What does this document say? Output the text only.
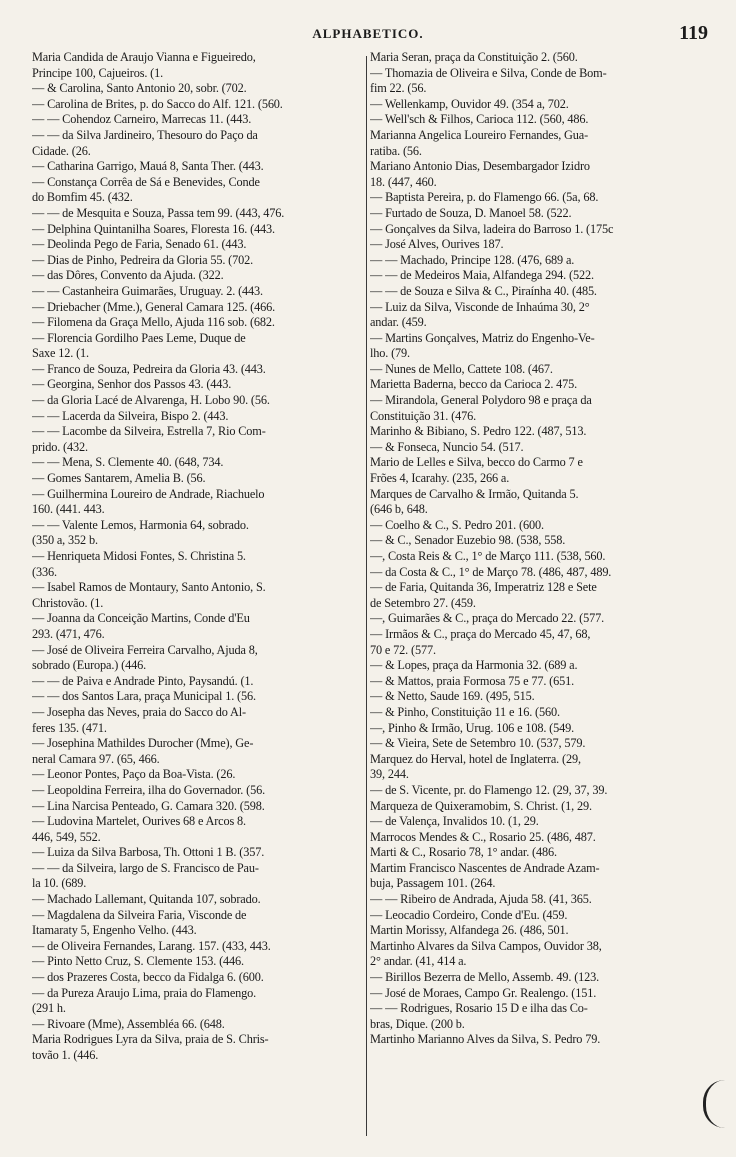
ALPHABETICO.	119
Maria Candida de Araujo Vianna e Figueiredo,
Principe 100, Cajueiros. (1.
— & Carolina, Santo Antonio 20, sobr. (702.
— Carolina de Brites, p. do Sacco do Alf. 121. (560.
— — Cohendoz Carneiro, Marrecas 11. (443.
— — da Silva Jardineiro, Thesouro do Paço da
Cidade. (26.
— Catharina Garrigo, Mauá 8, Santa Ther. (443.
— Constança Corrêa de Sá e Benevides, Conde
do Bomfim 45. (432.
— — de Mesquita e Souza, Passa tem 99. (443, 476.
— Delphina Quintanilha Soares, Floresta 16. (443.
— Deolinda Pego de Faria, Senado 61. (443.
— Dias de Pinho, Pedreira da Gloria 55. (702.
— das Dôres, Convento da Ajuda. (322.
— — Castanheira Guimarães, Uruguay. 2. (443.
— Driebacher (Mme.), General Camara 125. (466.
— Filomena da Graça Mello, Ajuda 116 sob. (682.
— Florencia Gordilho Paes Leme, Duque de
Saxe 12. (1.
— Franco de Souza, Pedreira da Gloria 43. (443.
— Georgina, Senhor dos Passos 43. (443.
— da Gloria Lacé de Alvarenga, H. Lobo 90. (56.
— — Lacerda da Silveira, Bispo 2. (443.
— — Lacombe da Silveira, Estrella 7, Rio Com-
prido. (432.
— — Mena, S. Clemente 40. (648, 734.
— Gomes Santarem, Amelia B. (56.
— Guilhermina Loureiro de Andrade, Riachuelo
160. (441. 443.
— — Valente Lemos, Harmonia 64, sobrado.
(350 a, 352 b.
— Henriqueta Midosi Fontes, S. Christina 5.
(336.
— Isabel Ramos de Montaury, Santo Antonio, S.
Christovão. (1.
— Joanna da Conceição Martins, Conde d'Eu
293. (471, 476.
— José de Oliveira Ferreira Carvalho, Ajuda 8,
sobrado (Europa.) (446.
— — de Paiva e Andrade Pinto, Paysandú. (1.
— — dos Santos Lara, praça Municipal 1. (56.
— Josepha das Neves, praia do Sacco do Al-
feres 135. (471.
— Josephina Mathildes Durocher (Mme), Ge-
neral Camara 97. (65, 466.
— Leonor Pontes, Paço da Boa-Vista. (26.
— Leopoldina Ferreira, ilha do Governador. (56.
— Lina Narcisa Penteado, G. Camara 320. (598.
— Ludovina Martelet, Ourives 68 e Arcos 8.
446, 549, 552.
— Luiza da Silva Barbosa, Th. Ottoni 1 B. (357.
— — da Silveira, largo de S. Francisco de Pau-
la 10. (689.
— Machado Lallemant, Quitanda 107, sobrado.
— Magdalena da Silveira Faria, Visconde de
Itamaraty 5, Engenho Velho. (443.
— de Oliveira Fernandes, Larang. 157. (433, 443.
— Pinto Netto Cruz, S. Clemente 153. (446.
— dos Prazeres Costa, becco da Fidalga 6. (600.
— da Pureza Araujo Lima, praia do Flamengo.
(291 h.
— Rivoare (Mme), Assembléa 66. (648.
Maria Rodrigues Lyra da Silva, praia de S. Chris-
tovão 1. (446.
Maria Seran, praça da Constituição 2. (560.
— Thomazia de Oliveira e Silva, Conde de Bom-
fim 22. (56.
— Wellenkamp, Ouvidor 49. (354 a, 702.
— Well'sch & Filhos, Carioca 112. (560, 486.
Marianna Angelica Loureiro Fernandes, Gua-
ratiba. (56.
Mariano Antonio Dias, Desembargador Izidro
18. (447, 460.
— Baptista Pereira, p. do Flamengo 66. (5a, 68.
— Furtado de Souza, D. Manoel 58. (522.
— Gonçalves da Silva, ladeira do Barroso 1. (175c
— José Alves, Ourives 187.
— — Machado, Principe 128. (476, 689 a.
— — de Medeiros Maia, Alfandega 294. (522.
— — de Souza e Silva & C., Piraínha 40. (485.
— Luiz da Silva, Visconde de Inhaúma 30, 2°
andar. (459.
— Martins Gonçalves, Matriz do Engenho-Ve-
lho. (79.
— Nunes de Mello, Cattete 108. (467.
Marietta Baderna, becco da Carioca 2. 475.
— Mirandola, General Polydoro 98 e praça da
Constituição 31. (476.
Marinho & Bibiano, S. Pedro 122. (487, 513.
— & Fonseca, Nuncio 54. (517.
Mario de Lelles e Silva, becco do Carmo 7 e
Frões 4, Icarahy. (235, 266 a.
Marques de Carvalho & Irmão, Quitanda 5.
(646 b, 648.
— Coelho & C., S. Pedro 201. (600.
— & C., Senador Euzebio 98. (538, 558.
—, Costa Reis & C., 1° de Março 111. (538, 560.
— da Costa & C., 1° de Março 78. (486, 487, 489.
— de Faria, Quitanda 36, Imperatriz 128 e Sete
de Setembro 27. (459.
—, Guimarães & C., praça do Mercado 22. (577.
— Irmãos & C., praça do Mercado 45, 47, 68,
70 e 72. (577.
— & Lopes, praça da Harmonia 32. (689 a.
— & Mattos, praia Formosa 75 e 77. (651.
— & Netto, Saude 169. (495, 515.
— & Pinho, Constituição 11 e 16. (560.
—, Pinho & Irmão, Urug. 106 e 108. (549.
— & Vieira, Sete de Setembro 10. (537, 579.
Marquez do Herval, hotel de Inglaterra. (29,
39, 244.
— de S. Vicente, pr. do Flamengo 12. (29, 37, 39.
Marqueza de Quixeramobim, S. Christ. (1, 29.
— de Valença, Invalidos 10. (1, 29.
Marrocos Mendes & C., Rosario 25. (486, 487.
Marti & C., Rosario 78, 1° andar. (486.
Martim Francisco Nascentes de Andrade Azam-
buja, Passagem 101. (264.
— — Ribeiro de Andrada, Ajuda 58. (41, 365.
— Leocadio Cordeiro, Conde d'Eu. (459.
Martin Morissy, Alfandega 26. (486, 501.
Martinho Alvares da Silva Campos, Ouvidor 38,
2° andar. (41, 414 a.
— Birillos Bezerra de Mello, Assemb. 49. (123.
— José de Moraes, Campo Gr. Realengo. (151.
— — Rodrigues, Rosario 15 D e ilha das Co-
bras, Dique. (200 b.
Martinho Marianno Alves da Silva, S. Pedro 79.
